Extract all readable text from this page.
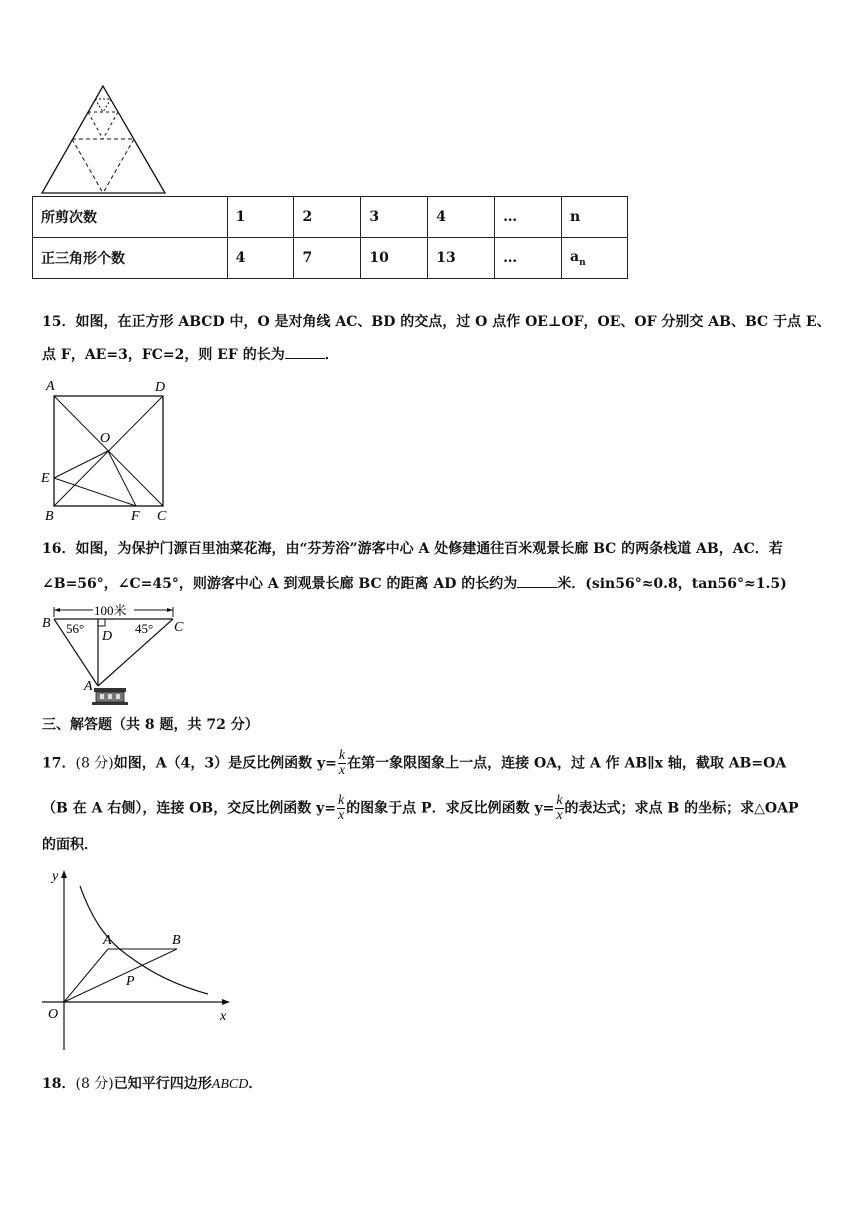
所剪次数	1	2	3	4	…	n
正三角形个数	4	7	10	13	…	$a_n$
15．如图，在正方形 ABCD 中，O 是对角线 AC、BD 的交点，过 O 点作 OE⊥OF，OE、OF 分别交 AB、BC 于点 E、
点 F，AE=3，FC=2，则 EF 的长为	．
A	D
O
E
B	F C
16．如图，为保护门源百里油菜花海，由“芬芳浴”游客中心 A 处修建通往百米观景长廊 BC 的两条栈道 AB，AC．若
∠B=56°，∠C=45°，则游客中心 A 到观景长廊 BC 的距离 AD 的长约为	米．(sin56°≈0.8，tan56°≈1.5)
100米
B	C
56°	45°
D
A
三、解答题（共 8 题，共 72 分）
17．(8 分)如图，A（4，3）是反比例函数 $y= \frac{k}{x}$ 在第一象限图象上一点，连接 OA，过 A 作 AB∥x 轴，截取 AB=OA
（B 在 A 右侧），连接 OB，交反比例函数 $y= \frac{k}{x}$ 的图象于点 P．求反比例函数 $y= \frac{k}{x}$ 的表达式；求点 B 的坐标；求△OAP
的面积．
y
x
O
A	B
P
18．(8 分)已知平行四边形ABCD．
